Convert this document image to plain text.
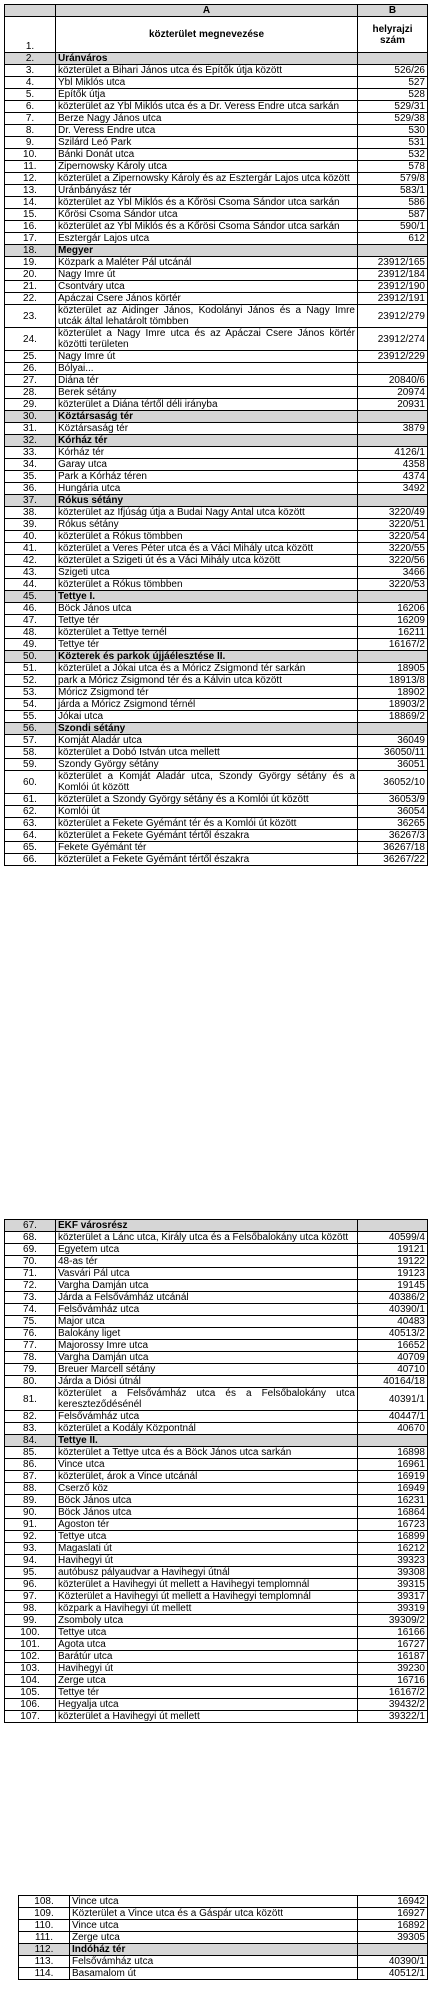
	A	B
1.	közterület megnevezése	helyrajzi szám
2.	Uránváros	
3.	közterület a Bihari János utca és Építők útja között	526/26
4.	Ybl Miklós utca	527
5.	Építők útja	528
6.	közterület az Ybl Miklós utca és a Dr. Veress Endre utca sarkán	529/31
7.	Berze Nagy János utca	529/38
8.	Dr. Veress Endre utca	530
9.	Szilárd Leó Park	531
10.	Bánki Donát utca	532
11.	Zipernowsky Károly utca	578
12.	közterület a Zipernowsky Károly és az Esztergár Lajos utca között	579/8
13.	Uránbányász tér	583/1
14.	közterület az Ybl Miklós és a Kőrösi Csoma Sándor utca sarkán	586
15.	Kőrösi Csoma Sándor utca	587
16.	közterület az Ybl Miklós és a Kőrösi Csoma Sándor utca sarkán	590/1
17.	Esztergár Lajos utca	612
18.	Megyer	
19.	Közpark a Maléter Pál utcánál	23912/165
20.	Nagy Imre út	23912/184
21.	Csontváry utca	23912/190
22.	Apáczai Csere János körtér	23912/191
23.	közterület az Aidinger János, Kodolányi János és a Nagy Imre utcák által lehatárolt tömbben	23912/279
24.	közterület a Nagy Imre utca és az Apáczai Csere János körtér közötti területen	23912/274
25.	Nagy Imre út	23912/229
26.	Bólyai...	
27.	Diána tér	20840/6
28.	Berek sétány	20974
29.	közterület a Diána tértől déli irányba	20931
30.	Köztársaság tér	
31.	Köztársaság tér	3879
32.	Kórház tér	
33.	Kórház tér	4126/1
34.	Garay utca	4358
35.	Park a Kórház téren	4374
36.	Hungária utca	3492
37.	Rókus sétány	
38.	közterület az Ifjúság útja a Budai Nagy Antal utca között	3220/49
39.	Rókus sétány	3220/51
40.	közterület a Rókus tömbben	3220/54
41.	közterület a Veres Péter utca és a Váci Mihály utca között	3220/55
42.	közterület a Szigeti út és a Váci Mihály utca között	3220/56
43.	Szigeti utca	3466
44.	közterület a Rókus tömbben	3220/53
45.	Tettye I.	
46.	Böck János utca	16206
47.	Tettye tér	16209
48.	közterület a Tettye ternél	16211
49.	Tettye tér	16167/2
50.	Közterek és parkok újjáélesztése II.	
51.	közterület a Jókai utca és a Móricz Zsigmond tér sarkán	18905
52.	park a Móricz Zsigmond tér és a Kálvin utca között	18913/8
53.	Móricz Zsigmond tér	18902
54.	járda a Móricz Zsigmond térnél	18903/2
55.	Jókai utca	18869/2
56.	Szondi sétány	
57.	Komját Aladár utca	36049
58.	közterület a Dobó István utca mellett	36050/11
59.	Szondy György sétány	36051
60.	közterület a Komját Aladár utca, Szondy György sétány és a Komlói út között	36052/10
61.	közterület a Szondy György sétány és a Komlói út között	36053/9
62.	Komlói út	36054
63.	közterület a Fekete Gyémánt tér és a Komlói út között	36265
64.	közterület a Fekete Gyémánt tértől északra	36267/3
65.	Fekete Gyémánt tér	36267/18
66.	közterület a Fekete Gyémánt tértől északra	36267/22
67.	EKF városrész	
68.	közterület a Lánc utca, Király utca és a Felsőbalokány utca között	40599/4
69.	Egyetem utca	19121
70.	48-as tér	19122
71.	Vasvári Pál utca	19123
72.	Vargha Damján utca	19145
73.	Járda a Felsővámház utcánál	40386/2
74.	Felsővámház utca	40390/1
75.	Major utca	40483
76.	Balokány liget	40513/2
77.	Majorossy Imre utca	16652
78.	Vargha Damján utca	40709
79.	Breuer Marcell sétány	40710
80.	Járda a Diósi útnál	40164/18
81.	közterület a Felsővámház utca és a Felsőbalokány utca kereszteződésénél	40391/1
82.	Felsővámház utca	40447/1
83.	közterület a Kodály Központnál	40670
84.	Tettye II.	
85.	közterület a Tettye utca és a Böck János utca sarkán	16898
86.	Vince utca	16961
87.	közterület, árok a Vince utcánál	16919
88.	Cserző köz	16949
89.	Böck János utca	16231
90.	Böck János utca	16864
91.	Ágoston tér	16723
92.	Tettye utca	16899
93.	Magaslati út	16212
94.	Havihegyi út	39323
95.	autóbusz pályaudvar a Havihegyi útnál	39308
96.	közterület a Havihegyi út mellett a Havihegyi templomnál	39315
97.	Közterület a Havihegyi út mellett a Havihegyi templomnál	39317
98.	közpark a Havihegyi út mellett	39319
99.	Zsomboly utca	39309/2
100.	Tettye utca	16166
101.	Ágota utca	16727
102.	Barátúr utca	16187
103.	Havihegyi út	39230
104.	Zerge utca	16716
105.	Tettye tér	16167/2
106.	Hegyalja utca	39432/2
107.	közterület a Havihegyi út mellett	39322/1
108.	Vince utca	16942
109.	Közterület a Vince utca és a Gáspár utca között	16927
110.	Vince utca	16892
111.	Zerge utca	39305
112.	Indóház tér	
113.	Felsővámház utca	40390/1
114.	Basamalom út	40512/1
